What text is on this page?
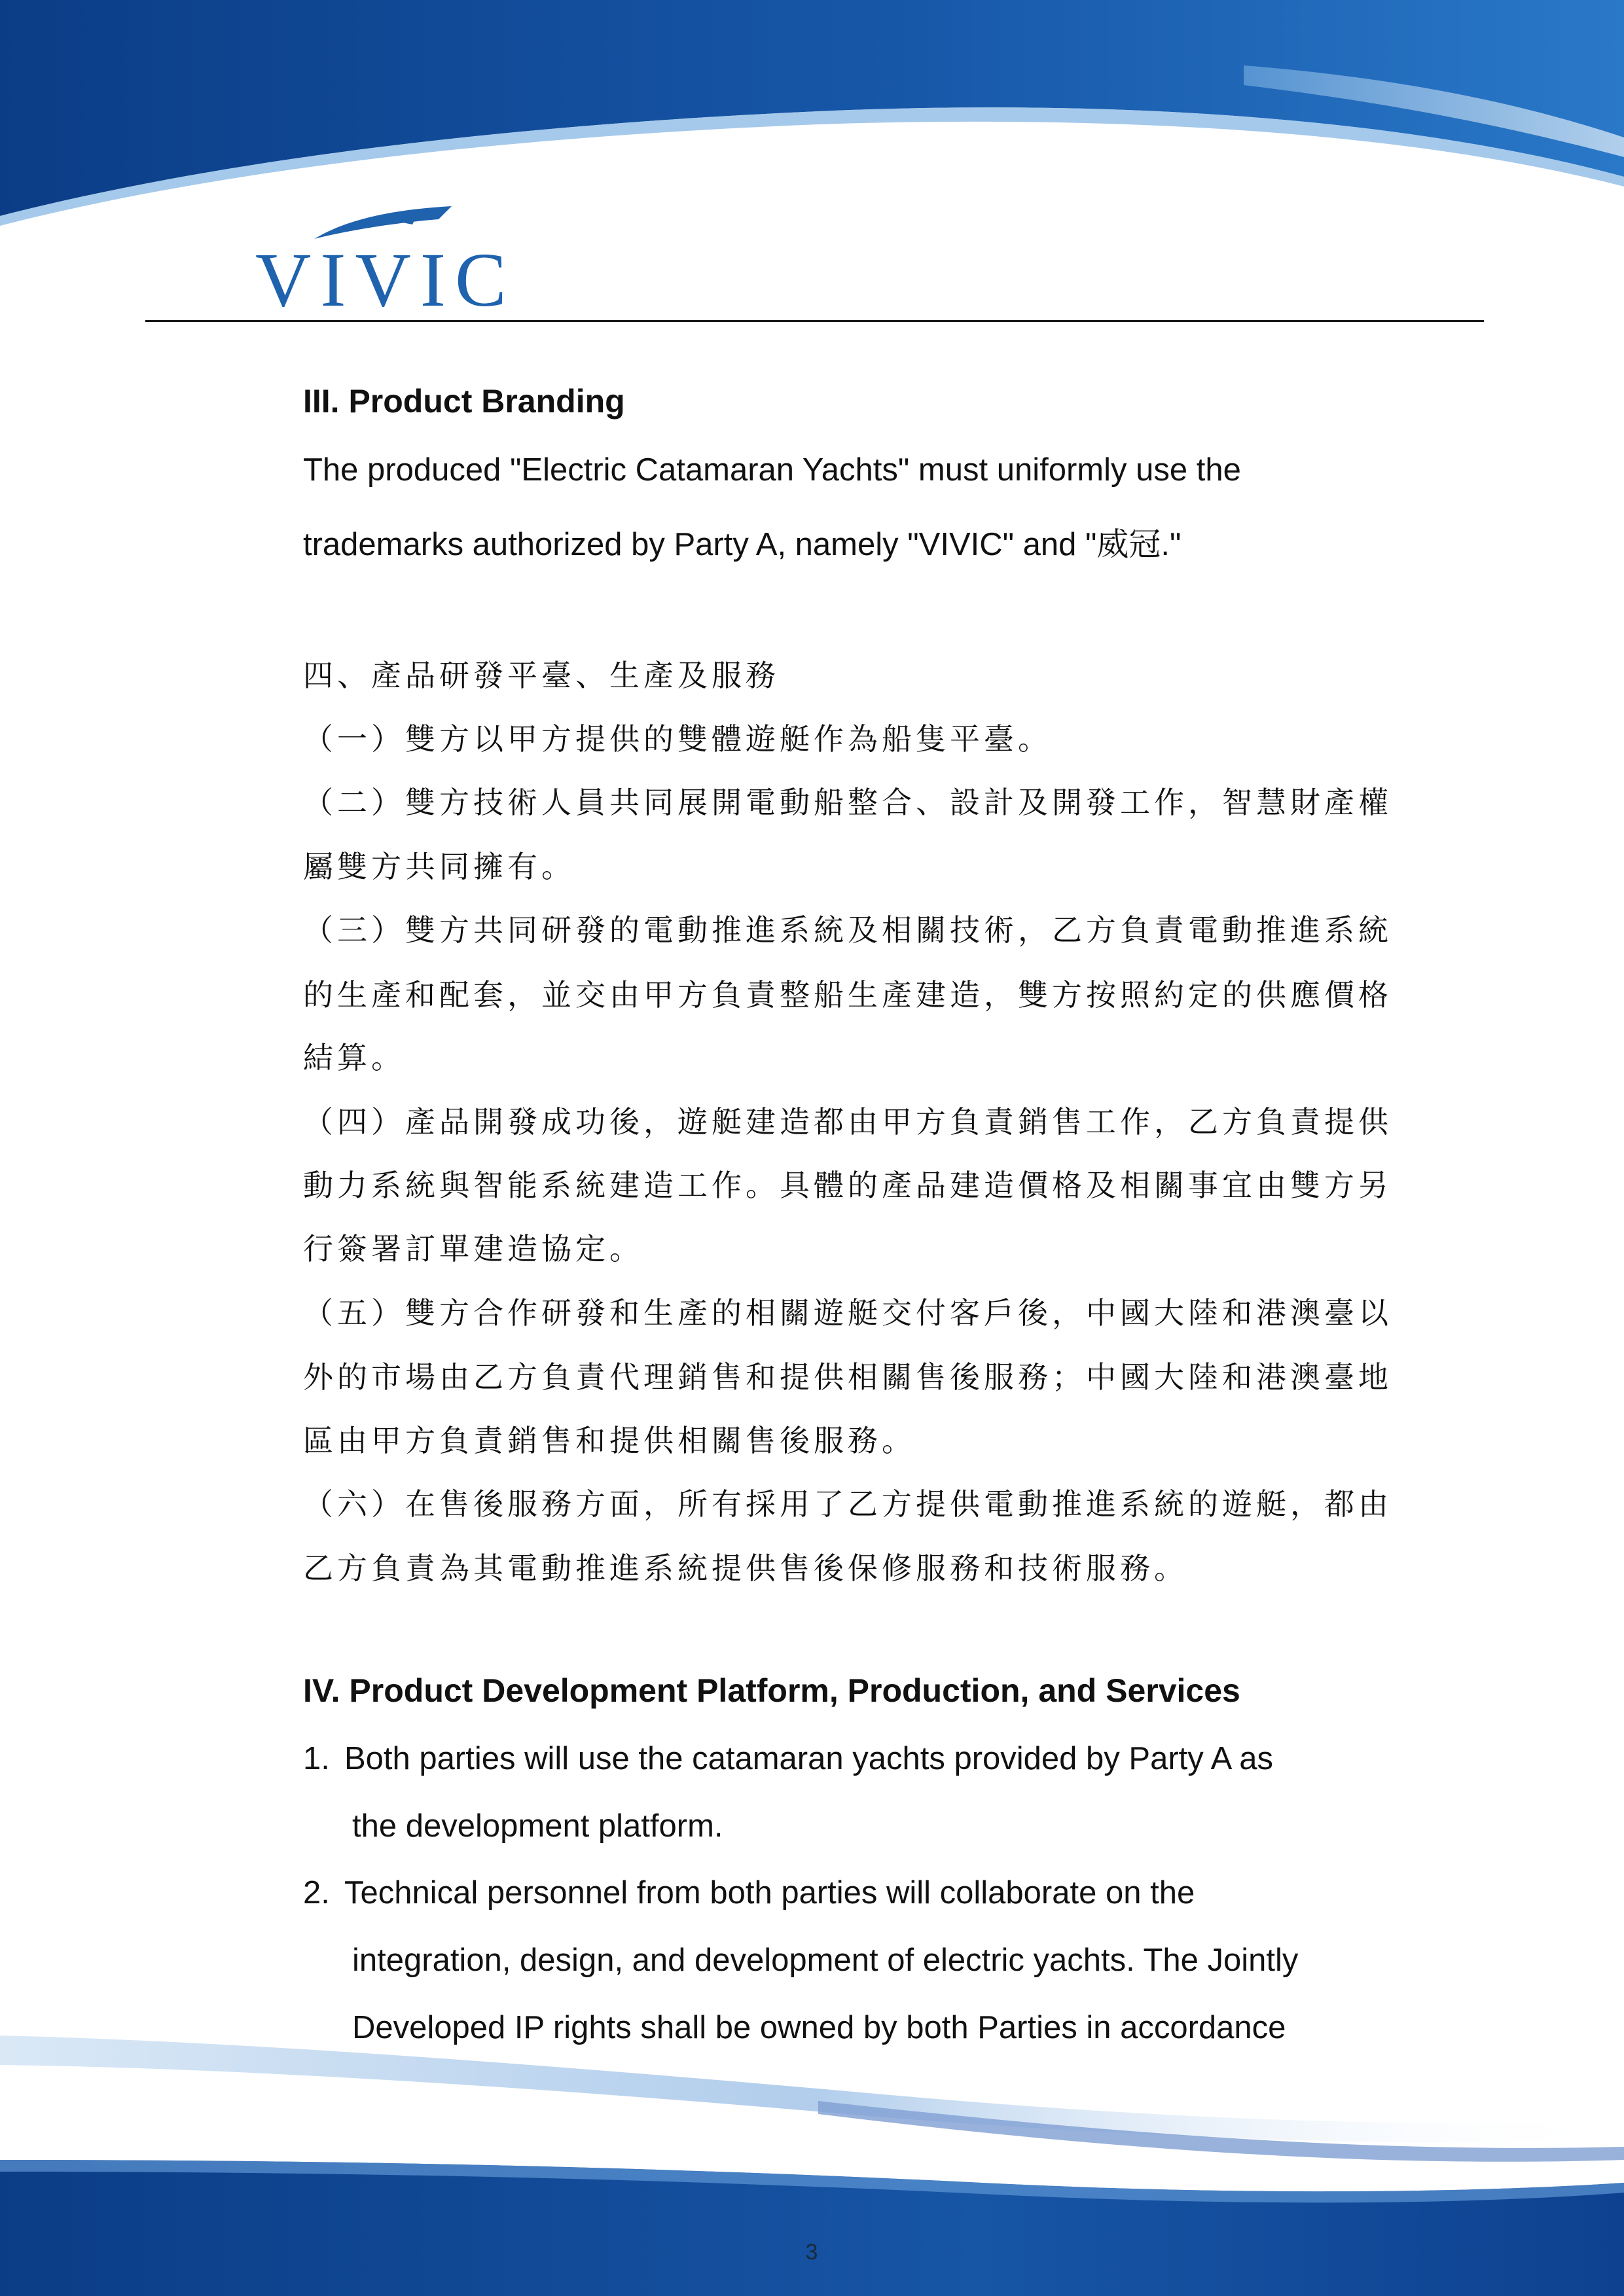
VIVIC

III. Product Branding

The produced "Electric Catamaran Yachts" must uniformly use the

trademarks authorized by Party A, namely "VIVIC" and "威冠."

四、產品研發平臺、生產及服務

（一）雙方以甲方提供的雙體遊艇作為船隻平臺。

（二）雙方技術人員共同展開電動船整合、設計及開發工作，智慧財產權

屬雙方共同擁有。

（三）雙方共同研發的電動推進系統及相關技術，乙方負責電動推進系統

的生產和配套，並交由甲方負責整船生產建造，雙方按照約定的供應價格

結算。

（四）產品開發成功後，遊艇建造都由甲方負責銷售工作，乙方負責提供

動力系統與智能系統建造工作。具體的產品建造價格及相關事宜由雙方另

行簽署訂單建造協定。

（五）雙方合作研發和生產的相關遊艇交付客戶後，中國大陸和港澳臺以

外的市場由乙方負責代理銷售和提供相關售後服務；中國大陸和港澳臺地

區由甲方負責銷售和提供相關售後服務。

（六）在售後服務方面，所有採用了乙方提供電動推進系統的遊艇，都由

乙方負責為其電動推進系統提供售後保修服務和技術服務。

IV. Product Development Platform, Production, and Services

1. Both parties will use the catamaran yachts provided by Party A as
the development platform.
2. Technical personnel from both parties will collaborate on the
integration, design, and development of electric yachts. The Jointly
Developed IP rights shall be owned by both Parties in accordance
3
